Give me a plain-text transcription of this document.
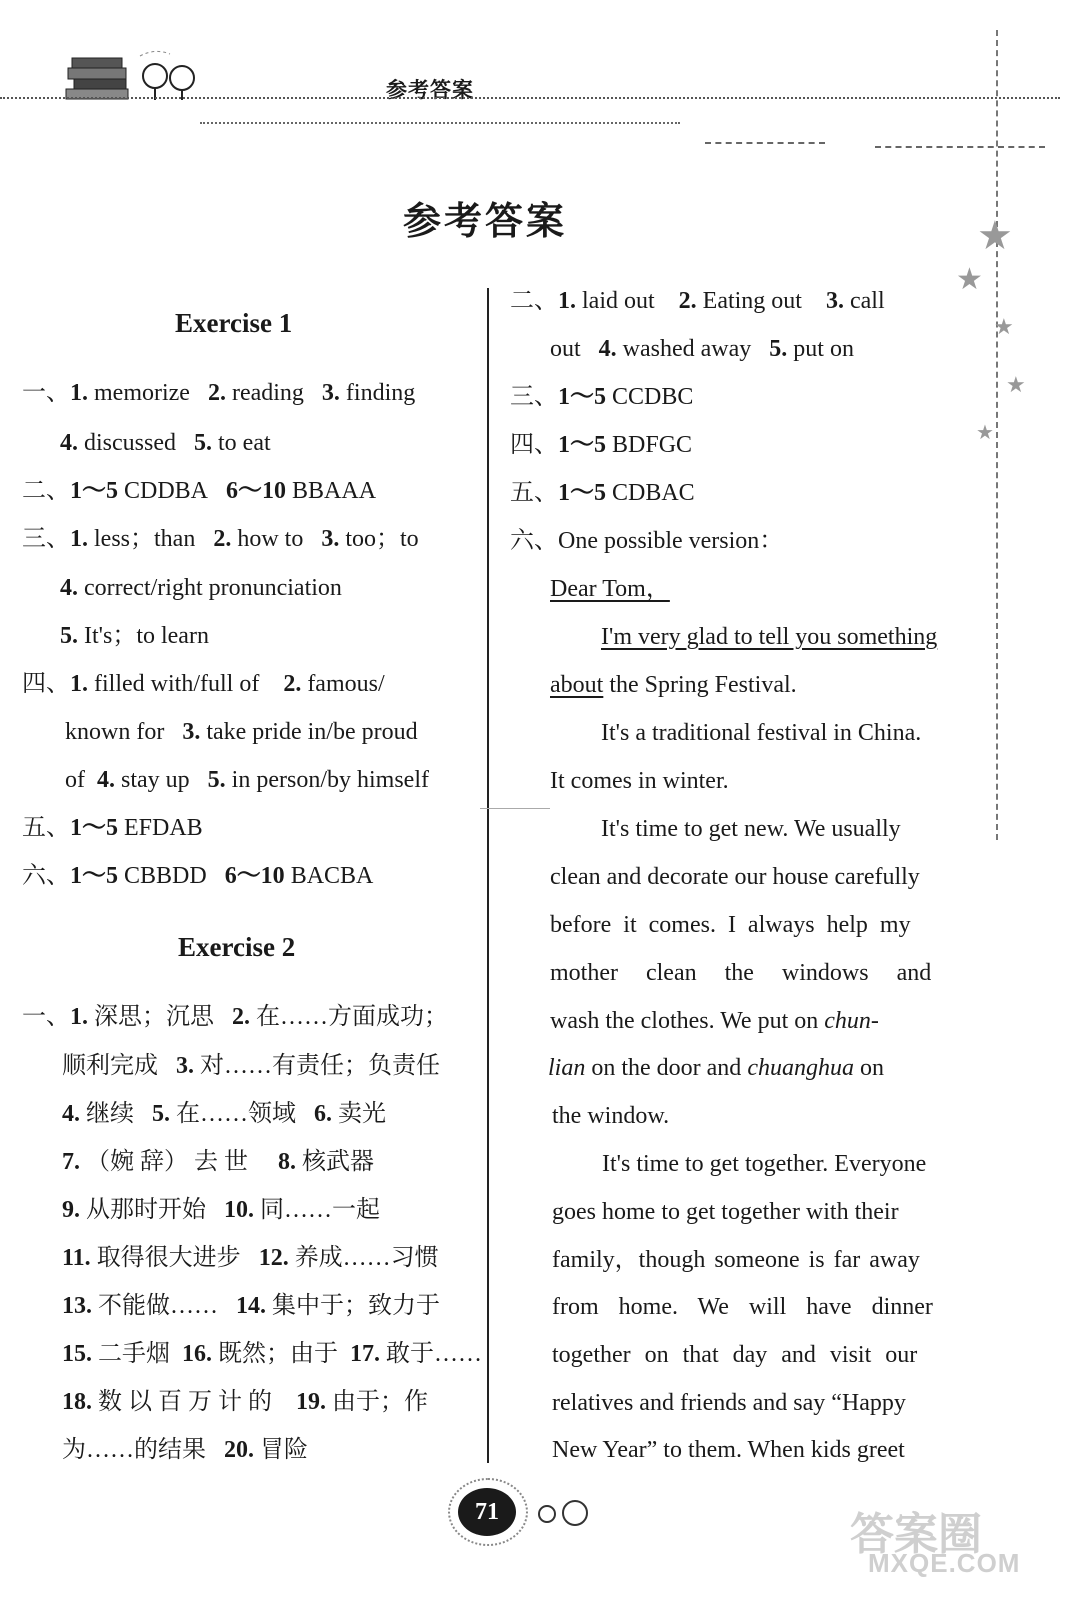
参考答案
★
★
★
★
★
参考答案
Exercise 1
一、1. memorize 2. reading 3. finding
4. discussed 5. to eat
二、1～5 CDDBA 6～10 BBAAA
三、1. less；than 2. how to 3. too；to
4. correct/right pronunciation
5. It's；to learn
四、1. filled with/full of 2. famous/
known for 3. take pride in/be proud
of 4. stay up 5. in person/by himself
五、1～5 EFDAB
六、1～5 CBBDD 6～10 BACBA
Exercise 2
一、1. 深思；沉思 2. 在……方面成功；
顺利完成 3. 对……有责任；负责任
4. 继续 5. 在……领域 6. 卖光
7. （婉 辞） 去 世 8. 核武器
9. 从那时开始 10. 同……一起
11. 取得很大进步 12. 养成……习惯
13. 不能做…… 14. 集中于；致力于
15. 二手烟 16. 既然；由于 17. 敢于……
18. 数 以 百 万 计 的 19. 由于；作
为……的结果 20. 冒险
二、1. laid out 2. Eating out 3. call
out 4. washed away 5. put on
三、1～5 CCDBC
四、1～5 BDFGC
五、1～5 CDBAC
六、One possible version：
Dear Tom，
I'm very glad to tell you something
about the Spring Festival.
It's a traditional festival in China.
It comes in winter.
It's time to get new. We usually
clean and decorate our house carefully
before it comes. I always help my
mother clean the windows and
wash the clothes. We put on chun-
lian on the door and chuanghua on
the window.
It's time to get together. Everyone
goes home to get together with their
family，though someone is far away
from home. We will have dinner
together on that day and visit our
relatives and friends and say “Happy
New Year” to them. When kids greet
71	答案圈
MXQE.COM
